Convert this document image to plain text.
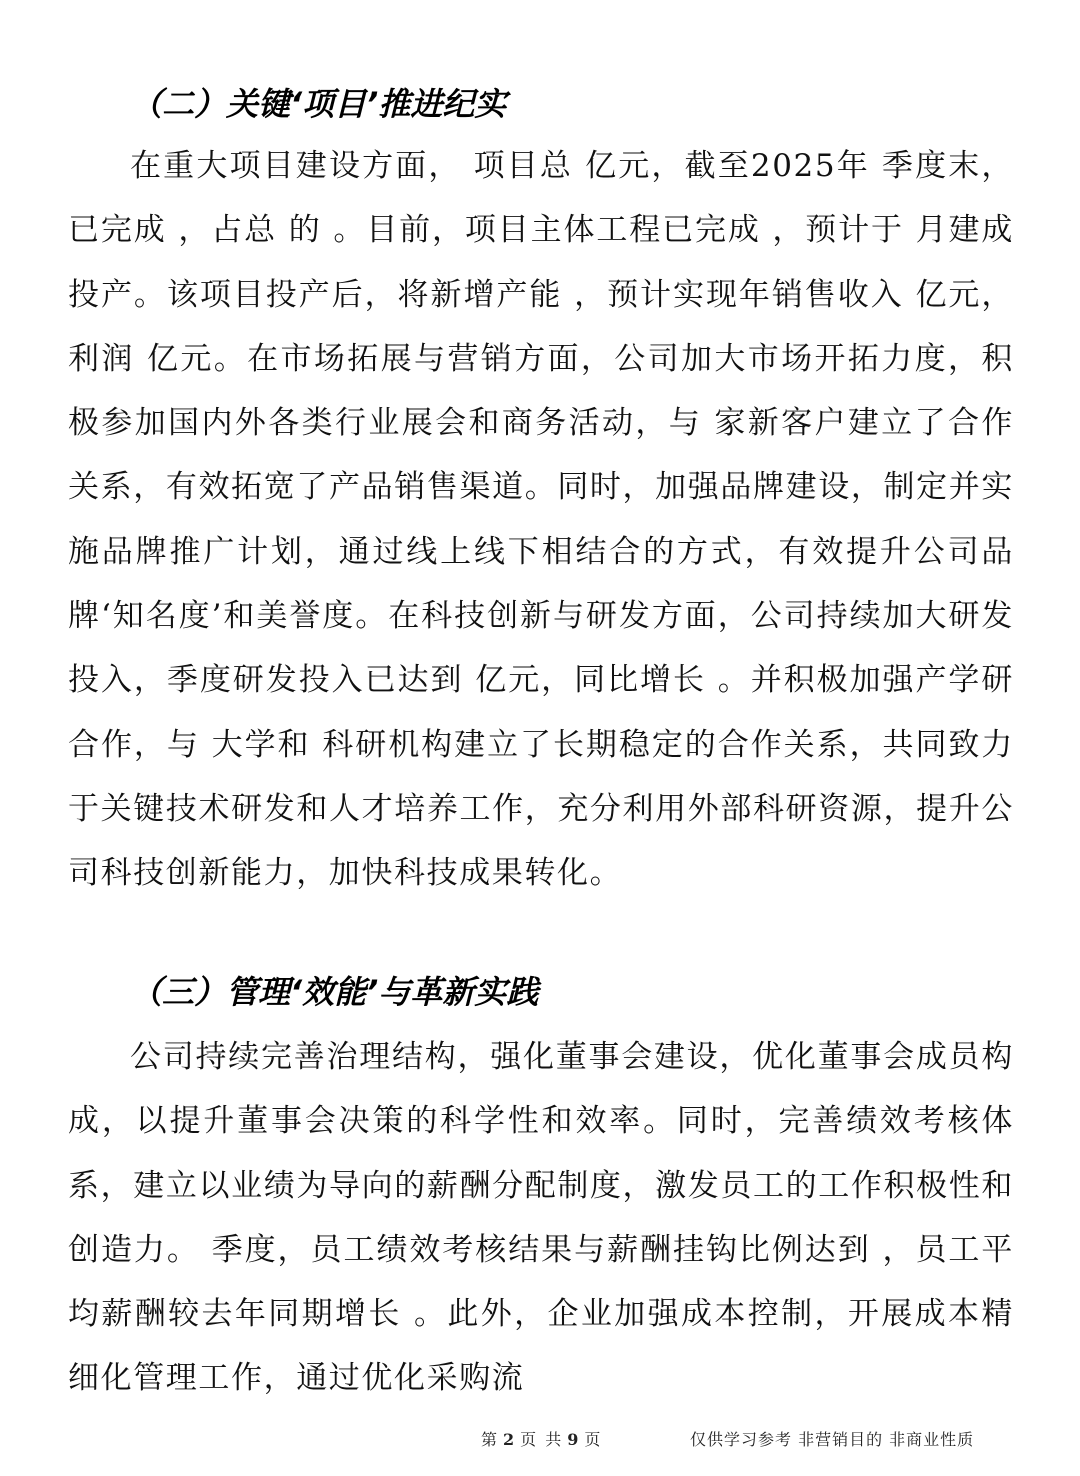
（二）关键‘项目’推进纪实

在重大项目建设方面， 项目总 亿元，截至2025年 季度末，已完成 ，占总 的 。目前，项目主体工程已完成 ，预计于 月建成投产。该项目投产后，将新增产能 ，预计实现年销售收入 亿元，利润 亿元。在市场拓展与营销方面，公司加大市场开拓力度，积极参加国内外各类行业展会和商务活动，与 家新客户建立了合作关系，有效拓宽了产品销售渠道。同时，加强品牌建设，制定并实施品牌推广计划，通过线上线下相结合的方式，有效提升公司品牌‘知名度’和美誉度。在科技创新与研发方面，公司持续加大研发投入，季度研发投入已达到 亿元，同比增长 。并积极加强产学研合作，与 大学和 科研机构建立了长期稳定的合作关系，共同致力于关键技术研发和人才培养工作，充分利用外部科研资源，提升公司科技创新能力，加快科技成果转化。

（三）管理‘效能’与革新实践

公司持续完善治理结构，强化董事会建设，优化董事会成员构成，以提升董事会决策的科学性和效率。同时，完善绩效考核体系，建立以业绩为导向的薪酬分配制度，激发员工的工作积极性和创造力。 季度，员工绩效考核结果与薪酬挂钩比例达到 ，员工平均薪酬较去年同期增长 。此外，企业加强成本控制，开展成本精细化管理工作，通过优化采购流

第 2 页 共 9 页	仅供学习参考 非营销目的 非商业性质
